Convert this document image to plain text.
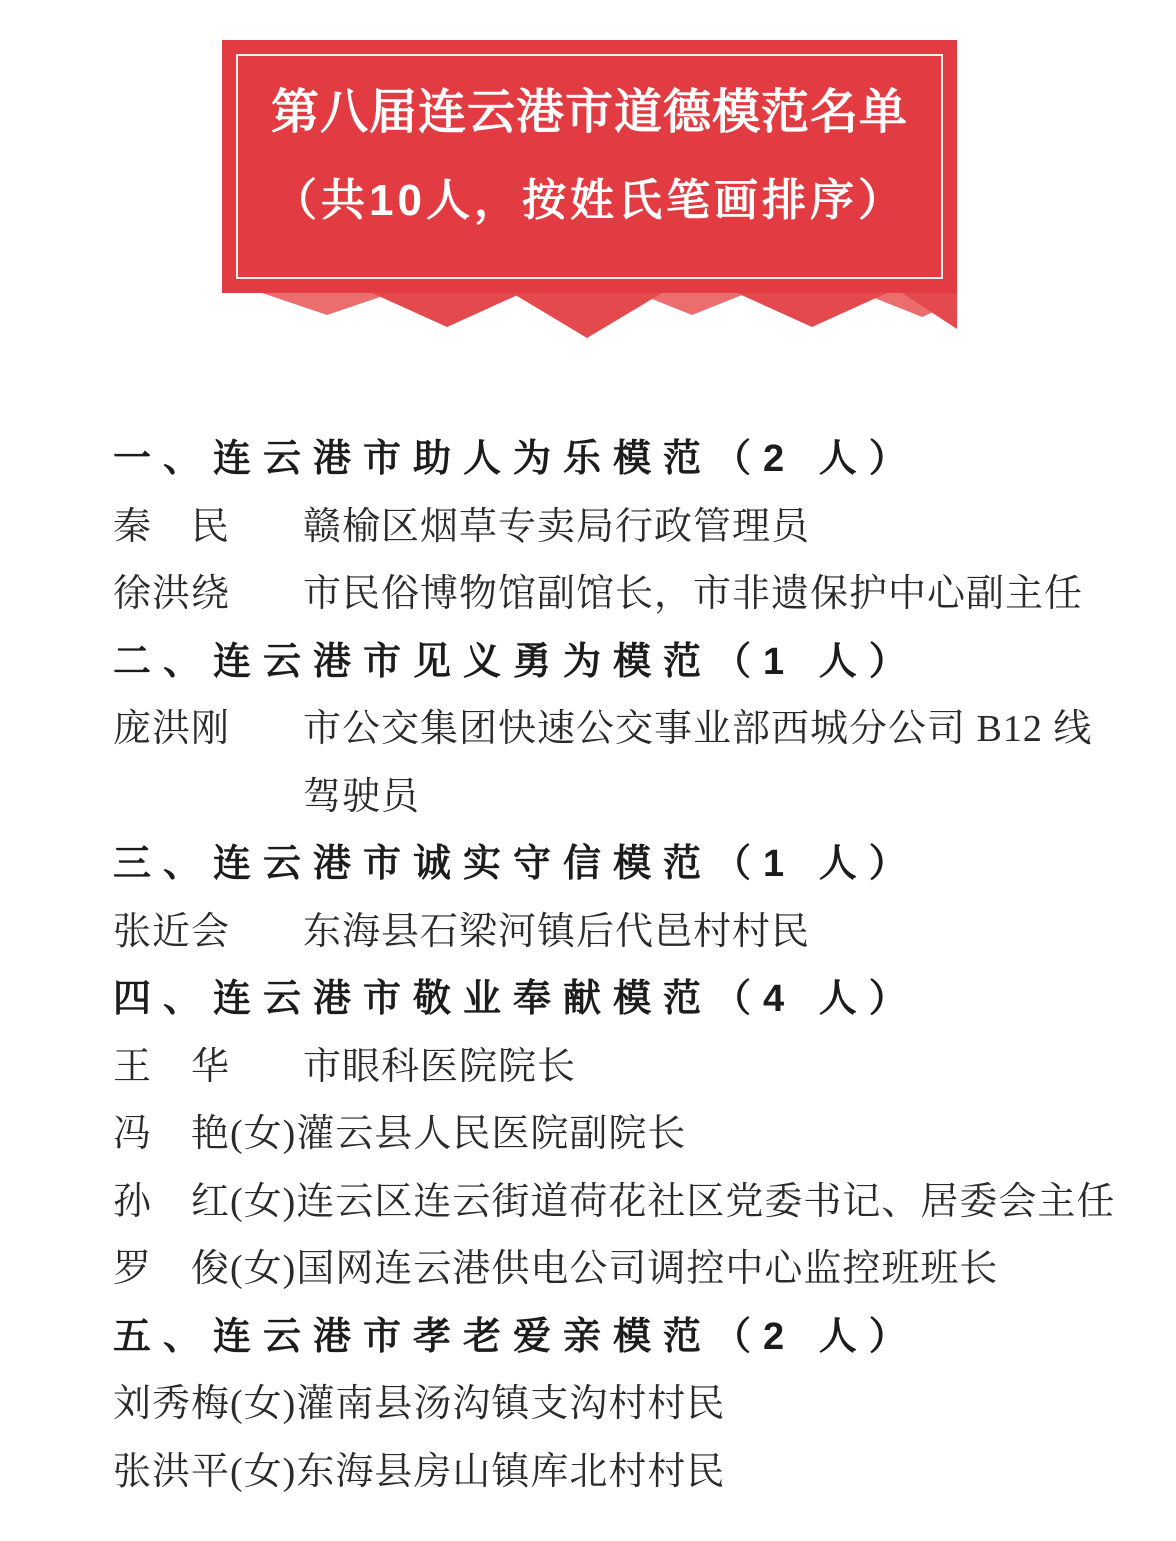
第八届连云港市道德模范名单
（共10人，按姓氏笔画排序）
一、连云港市助人为乐模范（2 人）
秦　民	赣榆区烟草专卖局行政管理员
徐洪绕	市民俗博物馆副馆长，市非遗保护中心副主任
二、连云港市见义勇为模范（1 人）
庞洪刚	市公交集团快速公交事业部西城分公司 B12 线
驾驶员
三、连云港市诚实守信模范（1 人）
张近会	东海县石梁河镇后代邑村村民
四、连云港市敬业奉献模范（4 人）
王　华	市眼科医院院长
冯　艳 (女) 灌云县人民医院副院长
孙　红 (女) 连云区连云街道荷花社区党委书记、居委会主任
罗　俊 (女) 国网连云港供电公司调控中心监控班班长
五、连云港市孝老爱亲模范（2 人）
刘秀梅 (女) 灌南县汤沟镇支沟村村民
张洪平 (女) 东海县房山镇库北村村民
